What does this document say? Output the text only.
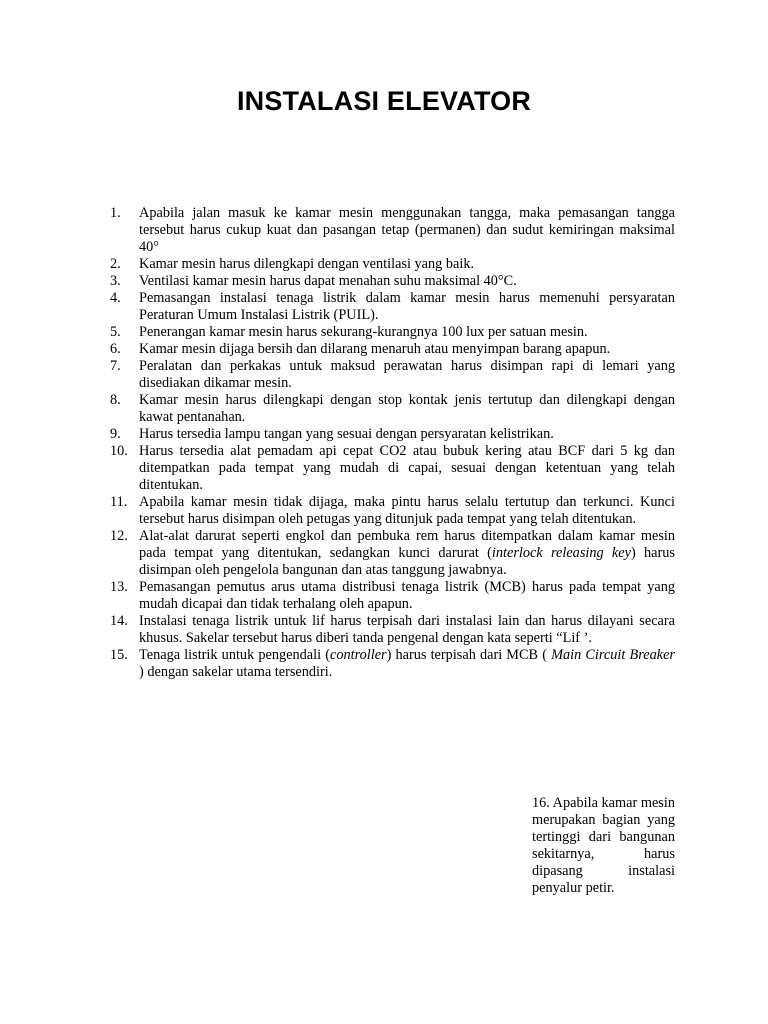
INSTALASI ELEVATOR
1.	Apabila jalan masuk ke kamar mesin menggunakan tangga, maka pemasangan tangga tersebut harus cukup kuat dan pasangan tetap (permanen) dan sudut kemiringan maksimal 40°
2.	Kamar mesin harus dilengkapi dengan ventilasi yang baik.
3.	Ventilasi kamar mesin harus dapat menahan suhu maksimal 40°C.
4.	Pemasangan instalasi tenaga listrik dalam kamar mesin harus memenuhi persyaratan Peraturan Umum Instalasi Listrik (PUIL).
5.	Penerangan kamar mesin harus sekurang-kurangnya 100 lux per satuan mesin.
6.	Kamar mesin dijaga bersih dan dilarang menaruh atau menyimpan barang apapun.
7.	Peralatan dan perkakas untuk maksud perawatan harus disimpan rapi di lemari yang disediakan dikamar mesin.
8.	Kamar mesin harus dilengkapi dengan stop kontak jenis tertutup dan dilengkapi dengan kawat pentanahan.
9.	Harus tersedia lampu tangan yang sesuai dengan persyaratan kelistrikan.
10. Harus tersedia alat pemadam api cepat CO2 atau bubuk kering atau BCF dari 5 kg dan ditempatkan pada tempat yang mudah di capai, sesuai dengan ketentuan yang telah ditentukan.
11. Apabila kamar mesin tidak dijaga, maka pintu harus selalu tertutup dan terkunci. Kunci tersebut harus disimpan oleh petugas yang ditunjuk pada tempat yang telah ditentukan.
12. Alat-alat darurat seperti engkol dan pembuka rem harus ditempatkan dalam kamar mesin pada tempat yang ditentukan, sedangkan kunci darurat (interlock releasing key) harus disimpan oleh pengelola bangunan dan atas tanggung jawabnya.
13. Pemasangan pemutus arus utama distribusi tenaga listrik (MCB) harus pada tempat yang mudah dicapai dan tidak terhalang oleh apapun.
14. Instalasi tenaga listrik untuk lif harus terpisah dari instalasi lain dan harus dilayani secara khusus. Sakelar tersebut harus diberi tanda pengenal dengan kata seperti “Lif ’.
15. Tenaga listrik untuk pengendali (controller) harus terpisah dari MCB ( Main Circuit Breaker ) dengan sakelar utama tersendiri.
16. Apabila kamar mesin merupakan bagian yang tertinggi dari bangunan sekitarnya, harus dipasang instalasi penyalur petir.
